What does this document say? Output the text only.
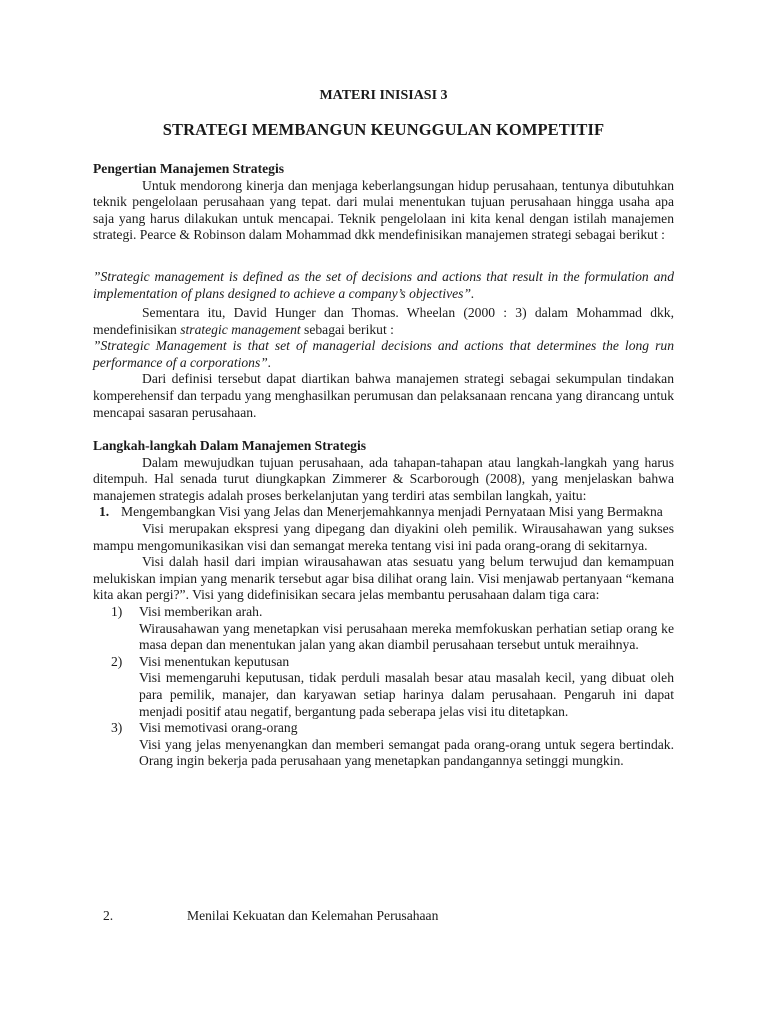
MATERI INISIASI 3
STRATEGI MEMBANGUN KEUNGGULAN KOMPETITIF

Pengertian Manajemen Strategis

Untuk mendorong kinerja dan menjaga keberlangsungan hidup perusahaan, tentunya dibutuhkan teknik pengelolaan perusahaan yang tepat. dari mulai menentukan tujuan perusahaan hingga usaha apa saja yang harus dilakukan untuk mencapai. Teknik pengelolaan ini kita kenal dengan istilah manajemen strategi. Pearce & Robinson dalam Mohammad dkk mendefinisikan manajemen strategi sebagai berikut :

”Strategic management is defined as the set of decisions and actions that result in the formulation and implementation of plans designed to achieve a company’s objectives”.

Sementara itu, David Hunger dan Thomas. Wheelan (2000 : 3) dalam Mohammad dkk, mendefinisikan strategic management sebagai berikut :

”Strategic Management is that set of managerial decisions and actions that determines the long run performance of a corporations”.

Dari definisi tersebut dapat diartikan bahwa manajemen strategi sebagai sekumpulan tindakan komperehensif dan terpadu yang menghasilkan perumusan dan pelaksanaan rencana yang dirancang untuk mencapai sasaran perusahaan.

Langkah-langkah Dalam Manajemen Strategis

Dalam mewujudkan tujuan perusahaan, ada tahapan-tahapan atau langkah-langkah yang harus ditempuh. Hal senada turut diungkapkan Zimmerer & Scarborough (2008), yang menjelaskan bahwa manajemen strategis adalah proses berkelanjutan yang terdiri atas sembilan langkah, yaitu:

1. Mengembangkan Visi yang Jelas dan Menerjemahkannya menjadi Pernyataan Misi yang Bermakna

Visi merupakan ekspresi yang dipegang dan diyakini oleh pemilik. Wirausahawan yang sukses mampu mengomunikasikan visi dan semangat mereka tentang visi ini pada orang-orang di sekitarnya.

Visi dalah hasil dari impian wirausahawan atas sesuatu yang belum terwujud dan kemampuan melukiskan impian yang menarik tersebut agar bisa dilihat orang lain. Visi menjawab pertanyaan “kemana kita akan pergi?”. Visi yang didefinisikan secara jelas membantu perusahaan dalam tiga cara:

1) Visi memberikan arah.

Wirausahawan yang menetapkan visi perusahaan mereka memfokuskan perhatian setiap orang ke masa depan dan menentukan jalan yang akan diambil perusahaan tersebut untuk meraihnya.

2) Visi menentukan keputusan

Visi memengaruhi keputusan, tidak perduli masalah besar atau masalah kecil, yang dibuat oleh para pemilik, manajer, dan karyawan setiap harinya dalam perusahaan. Pengaruh ini dapat menjadi positif atau negatif, bergantung pada seberapa jelas visi itu ditetapkan.

3) Visi memotivasi orang-orang

Visi yang jelas menyenangkan dan memberi semangat pada orang-orang untuk segera bertindak. Orang ingin bekerja pada perusahaan yang menetapkan pandangannya setinggi mungkin.

2.	Menilai Kekuatan dan Kelemahan Perusahaan
